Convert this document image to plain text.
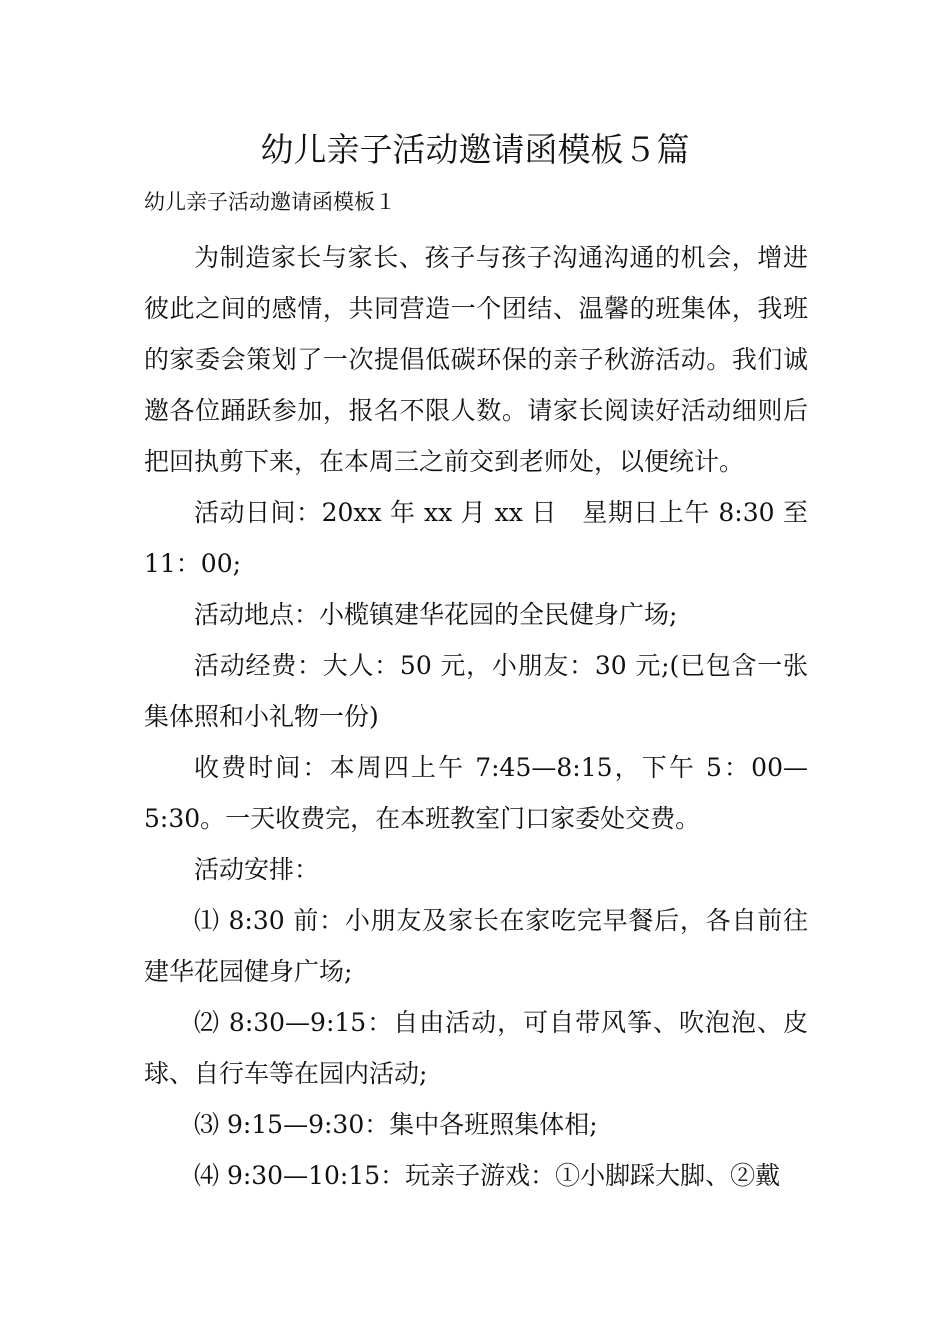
幼儿亲子活动邀请函模板５篇

幼儿亲子活动邀请函模板１

为制造家长与家长、孩子与孩子沟通沟通的机会，增进彼此之间的感情，共同营造一个团结、温馨的班集体，我班的家委会策划了一次提倡低碳环保的亲子秋游活动。我们诚邀各位踊跃参加，报名不限人数。请家长阅读好活动细则后把回执剪下来，在本周三之前交到老师处，以便统计。

活动日间：20xx 年 xx 月 xx 日　星期日上午 8:30 至 11：00;

活动地点：小榄镇建华花园的全民健身广场;

活动经费：大人：50 元，小朋友：30 元;(已包含一张集体照和小礼物一份)

收费时间：本周四上午 7:45—8:15，下午 5：00—5:30。一天收费完，在本班教室门口家委处交费。

活动安排：

⑴ 8:30 前：小朋友及家长在家吃完早餐后，各自前往建华花园健身广场;

⑵ 8:30—9:15：自由活动，可自带风筝、吹泡泡、皮球、自行车等在园内活动;

⑶ 9:15—9:30：集中各班照集体相;

⑷ 9:30—10:15：玩亲子游戏：①小脚踩大脚、②戴
